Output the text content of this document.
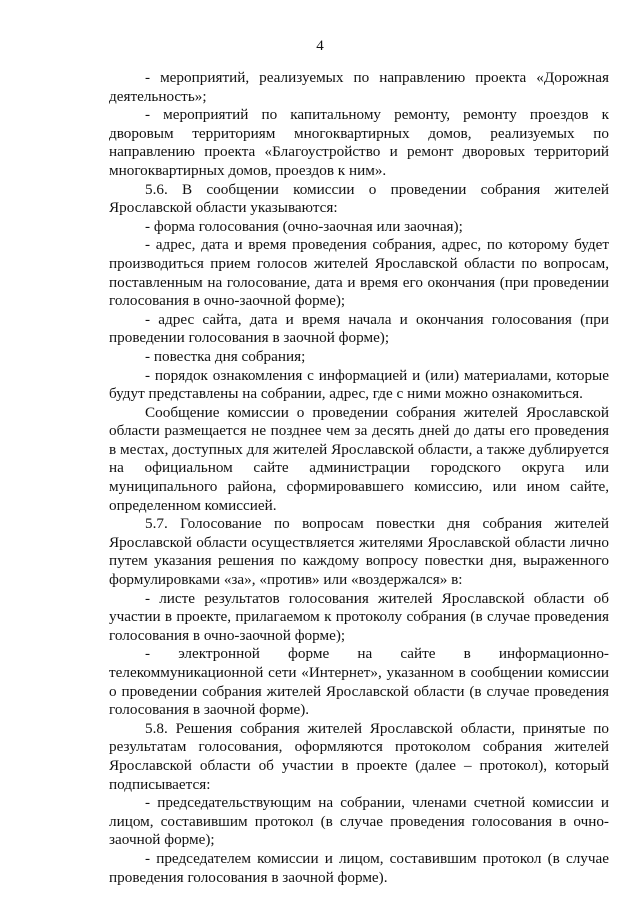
4

- мероприятий, реализуемых по направлению проекта «Дорожная деятельность»;

- мероприятий по капитальному ремонту, ремонту проездов к дворовым территориям многоквартирных домов, реализуемых по направлению проекта «Благоустройство и ремонт дворовых территорий многоквартирных домов, проездов к ним».

5.6. В сообщении комиссии о проведении собрания жителей Ярославской области указываются:

- форма голосования (очно-заочная или заочная);

- адрес, дата и время проведения собрания, адрес, по которому будет производиться прием голосов жителей Ярославской области по вопросам, поставленным на голосование, дата и время его окончания (при проведении голосования в очно-заочной форме);

- адрес сайта, дата и время начала и окончания голосования (при проведении голосования в заочной форме);

- повестка дня собрания;

- порядок ознакомления с информацией и (или) материалами, которые будут представлены на собрании, адрес, где с ними можно ознакомиться.

Сообщение комиссии о проведении собрания жителей Ярославской области размещается не позднее чем за десять дней до даты его проведения в местах, доступных для жителей Ярославской области, а также дублируется на официальном сайте администрации городского округа или муниципального района, сформировавшего комиссию, или ином сайте, определенном комиссией.

5.7. Голосование по вопросам повестки дня собрания жителей Ярославской области осуществляется жителями Ярославской области лично путем указания решения по каждому вопросу повестки дня, выраженного формулировками «за», «против» или «воздержался» в:

- листе результатов голосования жителей Ярославской области об участии в проекте, прилагаемом к протоколу собрания (в случае проведения голосования в очно-заочной форме);

- электронной форме на сайте в информационно-телекоммуникационной сети «Интернет», указанном в сообщении комиссии о проведении собрания жителей Ярославской области (в случае проведения голосования в заочной форме).

5.8. Решения собрания жителей Ярославской области, принятые по результатам голосования, оформляются протоколом собрания жителей Ярославской области об участии в проекте (далее – протокол), который подписывается:

- председательствующим на собрании, членами счетной комиссии и лицом, составившим протокол (в случае проведения голосования в очно-заочной форме);

- председателем комиссии и лицом, составившим протокол (в случае проведения голосования в заочной форме).
